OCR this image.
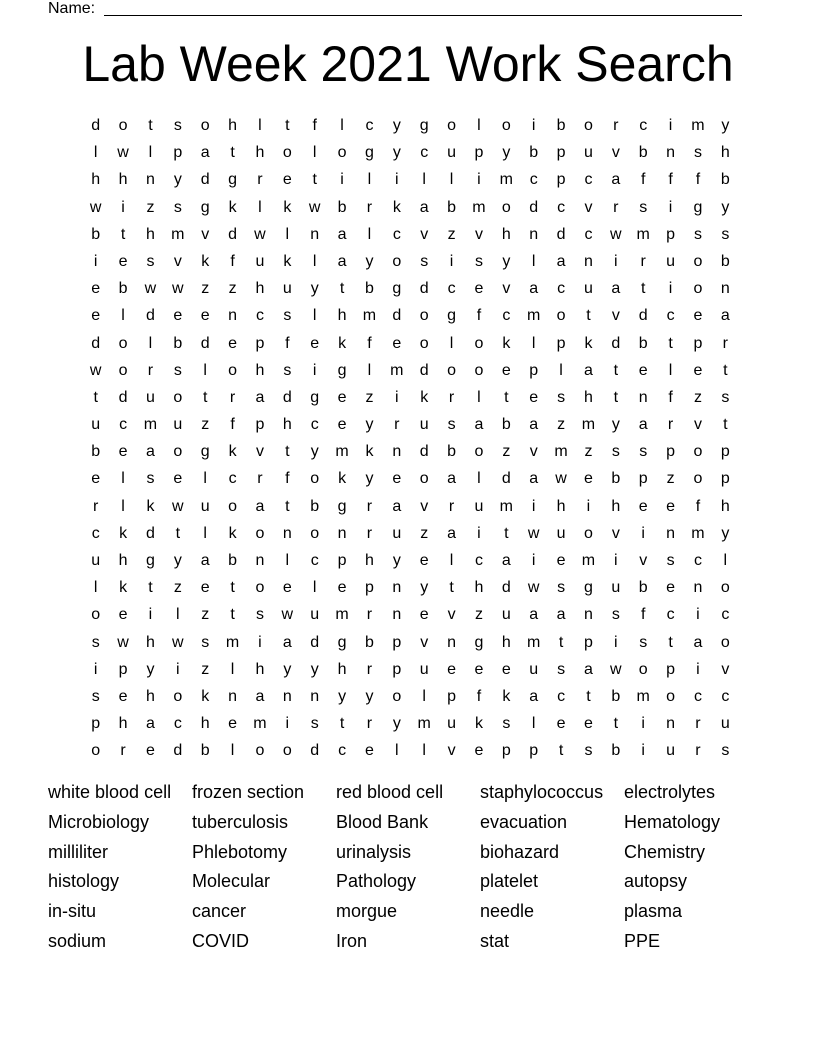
Name:
Lab Week 2021 Work Search
d	o	t	s	o	h	l	t	f	l	c	y	g	o	l	o	i	b	o	r	c	i	m	y
l	w	l	p	a	t	h	o	l	o	g	y	c	u	p	y	b	p	u	v	b	n	s	h
h	h	n	y	d	g	r	e	t	i	l	i	l	l	i	m	c	p	c	a	f	f	f	b
w	i	z	s	g	k	l	k	w	b	r	k	a	b	m	o	d	c	v	r	s	i	g	y
b	t	h	m	v	d	w	l	n	a	l	c	v	z	v	h	n	d	c	w m	p	s	s
i	e	s	v	k	f	u	k	l	a	y	o	s	i	s	y	l	a	n	i	r	u	o	b
e	b	w w	z	z	h	u	y	t	b	g	d	c	e	v	a	c	u	a	t	i	o	n
e	l	d	e	e	n	c	s	l	h	m	d	o	g	f	c	m	o	t	v	d	c	e	a
d	o	l	b	d	e	p	f	e	k	f	e	o	l	o	k	l	p	k	d	b	t	p	r
w	o	r	s	l	o	h	s	i	g	l	m	d	o	o	e	p	l	a	t	e	l	e	t
t	d	u	o	t	r	a	d	g	e	z	i	k	r	l	t	e	s	h	t	n	f	z	s
u	c	m	u	z	f	p	h	c	e	y	r	u	s	a	b	a	z	m	y	a	r	v	t
b	e	a	o	g	k	v	t	y	m	k	n	d	b	o	z	v	m	z	s	s	p	o	p
e	l	s	e	l	c	r	f	o	k	y	e	o	a	l	d	a	w	e	b	p	z	o	p
r	l	k	w	u	o	a	t	b	g	r	a	v	r	u	m	i	h	i	h	e	e	f	h
c	k	d	t	l	k	o	n	o	n	r	u	z	a	i	t	w	u	o	v	i	n	m	y
u	h	g	y	a	b	n	l	c	p	h	y	e	l	c	a	i	e	m	i	v	s	c	l
l	k	t	z	e	t	o	e	l	e	p	n	y	t	h	d	w	s	g	u	b	e	n	o
o	e	i	l	z	t	s	w	u	m	r	n	e	v	z	u	a	a	n	s	f	c	i	c
s	w	h	w	s	m	i	a	d	g	b	p	v	n	g	h	m	t	p	i	s	t	a	o
i	p	y	i	z	l	h	y	y	h	r	p	u	e	e	e	u	s	a	w	o	p	i	v
s	e	h	o	k	n	a	n	n	y	y	o	l	p	f	k	a	c	t	b	m	o	c	c
p	h	a	c	h	e	m	i	s	t	r	y	m	u	k	s	l	e	e	t	i	n	r	u
o	r	e	d	b	l	o	o	d	c	e	l	l	v	e	p	p	t	s	b	i	u	r	s
white blood cell	frozen section	red blood cell	staphylococcus	electrolytes
Microbiology	tuberculosis	Blood Bank	evacuation	Hematology
milliliter	Phlebotomy	urinalysis	biohazard	Chemistry
histology	Molecular	Pathology	platelet	autopsy
in-situ	cancer	morgue	needle	plasma
sodium	COVID	Iron	stat	PPE
